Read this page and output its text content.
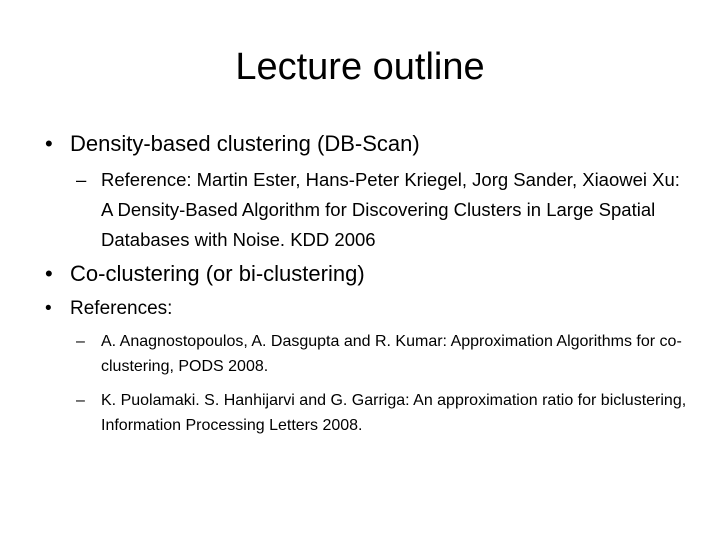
Lecture outline
• Density-based clustering (DB-Scan)
– Reference: Martin Ester, Hans-Peter Kriegel, Jorg Sander, Xiaowei Xu: A Density-Based Algorithm for Discovering Clusters in Large Spatial Databases with Noise. KDD 2006
• Co-clustering (or bi-clustering)
• References:
– A. Anagnostopoulos, A. Dasgupta and R. Kumar: Approximation Algorithms for co-clustering, PODS 2008.
– K. Puolamaki. S. Hanhijarvi and G. Garriga: An approximation ratio for biclustering, Information Processing Letters 2008.
